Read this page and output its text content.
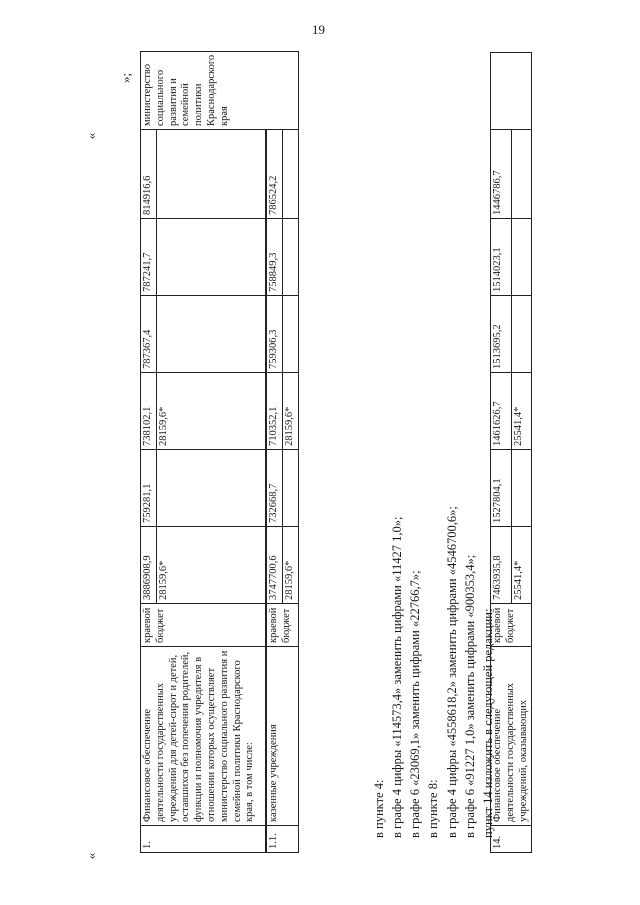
19
«
«
1.	Финансовое обеспечение деятельности государственных учреждений для детей-сирот и детей, оставшихся без попечения родителей, функции и полномочия учредителя в отношении которых осуществляет министерство социального развития и семейной политики Краснодарского края, в том числе:	краевой бюджет	3886908,9	759281,1	738102,1	787367,4	787241,7	814916,6	министерство социального развития и семейной политики Краснодарского края
			28159,6*		28159,6*				
1.1.	казенные учреждения	краевой бюджет	3747700,6	732668,7	710352,1	759306,3	758849,3	786524,2	
			28159,6*		28159,6*				
»;
в пункте 4: в графе 4 цифры «114573,4» заменить цифрами «11427 1,0»; в графе 6 «23069,1» заменить цифрами «22766,7»; в пункте 8: в графе 4 цифры «4558618,2» заменить цифрами «4546700,6»; в графе 6 «91227 1,0» заменить цифрами «900353,4»; пункт 14 изложить в следующей редакции:
14.	Финансовое обеспечение деятельности государственных учреждений, оказывающих	краевой бюджет	7463935,8	1527804,1	1461626,7	1513695,2	1514023,1	1446786,7	
			25541,4*		25541,4*				
